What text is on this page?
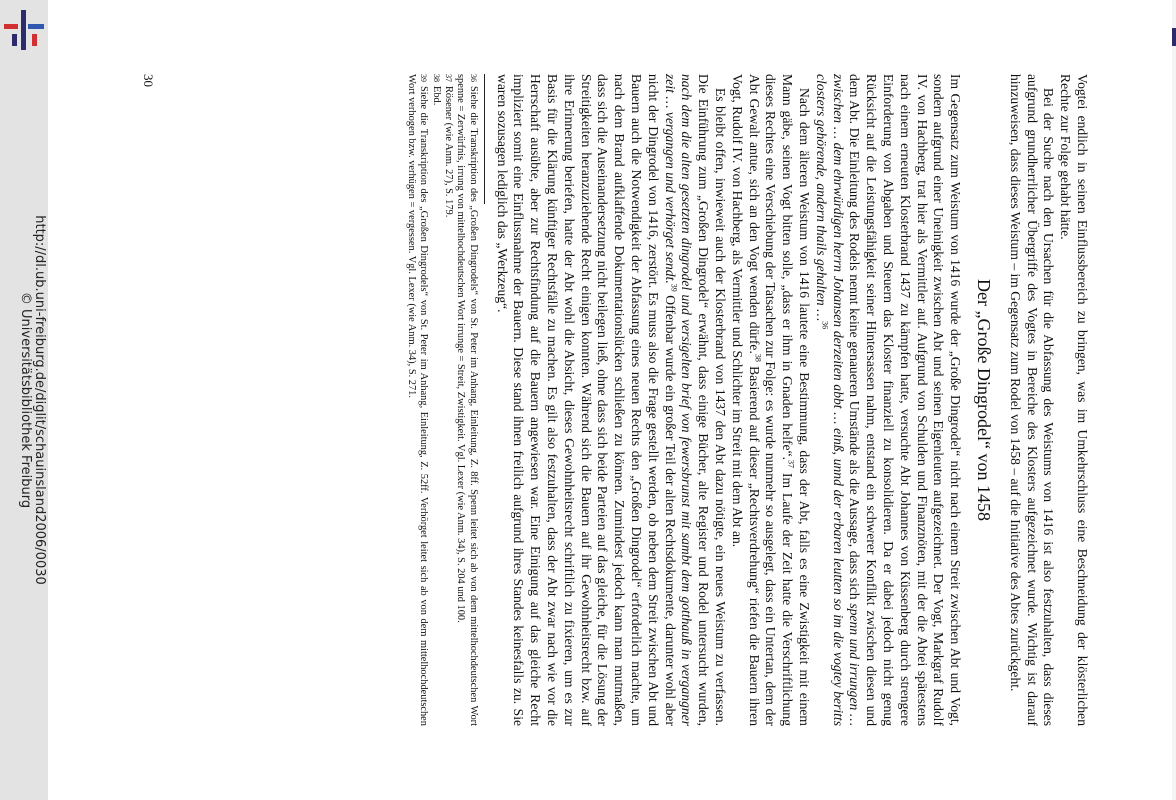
http://dl.ub.uni-freiburg.de/diglit/schauinsland2006/0030
© Universitätsbibliothek Freiburg	Vogtei endlich in seinen Einflussbereich zu bringen, was im Umkehrschluss eine Beschneidung der klösterlichen Rechte zur Folge gehabt hätte.

Bei der Suche nach den Ursachen für die Abfassung des Weistums von 1416 ist also festzuhalten, dass dieses aufgrund grundherrlicher Übergriffe des Vogtes in Bereiche des Klosters aufgezeichnet wurde. Wichtig ist darauf hinzuweisen, dass dieses Weistum – im Gegensatz zum Rodel von 1458 – auf die Initiative des Abtes zurückgeht.

Der „Große Dingrodel“ von 1458

Im Gegensatz zum Weistum von 1416 wurde der „Große Dingrodel“ nicht nach einem Streit zwischen Abt und Vogt, sondern aufgrund einer Uneinigkeit zwischen Abt und seinen Eigenleuten aufgezeichnet. Der Vogt, Markgraf Rudolf IV. von Hachberg, trat hier als Vermittler auf. Aufgrund von Schulden und Finanznöten, mit der die Abtei spätestens nach einem erneuten Klosterbrand 1437 zu kämpfen hatte, versuchte Abt Johannes von Küssenberg durch strengere Einforderung von Abgaben und Steuern das Kloster finanziell zu konsolidieren. Da er dabei jedoch nicht genug Rücksicht auf die Leistungsfähigkeit seiner Hintersassen nahm, entstand ein schwerer Konflikt zwischen diesen und dem Abt. Die Einleitung des Rodels nennt keine genaueren Umstände als die Aussage, dass sich spenn und irrungen … zwischen … dem ehrwürdigen herrn Johansen derzeiten abbt … einß, unnd der erbaren leutten so im die vogtey beritts closters gehörende, andern thails gehalten …$^{36}$

Nach dem älteren Weistum von 1416 lautete eine Bestimmung, dass der Abt, falls es eine Zwistigkeit mit einem Mann gäbe, seinen Vogt bitten solle, „dass er ihm in Gnaden helfe“.$^{37}$ Im Laufe der Zeit hatte die Verschriftlichung dieses Rechtes eine Verschiebung der Tatsachen zur Folge: es wurde nunmehr so ausgelegt, dass ein Untertan, dem der Abt Gewalt antue, sich an den Vogt wenden dürfe.$^{38}$ Basierend auf dieser „Rechtsverdrehung“ riefen die Bauern ihren Vogt, Rudolf IV. von Hachberg, als Vermittler und Schlichter im Streit mit dem Abt an.

Es bleibt offen, inwieweit auch der Klosterbrand von 1437 den Abt dazu nötigte, ein neues Weistum zu verfassen. Die Einführung zum „Großen Dingrodel“ erwähnt, dass einige Bücher, alte Register und Rodel untersucht wurden, nach dem die alten gesetzten dingrodel und versigelten brief von fewersbrunst mit sambt dem gotthauß in vergangner zeit … vergangen und verhörget sendt.$^{39}$ Offenbar wurde ein großer Teil der alten Rechtsdokumente, darunter wohl aber nicht der Dingrodel von 1416, zerstört. Es muss also die Frage gestellt werden, ob neben dem Streit zwischen Abt und Bauern auch die Notwendigkeit der Abfassung eines neuen Rechts den „Großen Dingrodel“ erforderlich machte, um nach dem Brand aufklaffende Dokumentationslücken schließen zu können. Zumindest jedoch kann man mutmaßen, dass sich die Auseinandersetzung nicht beilegen ließ, ohne dass sich beide Parteien auf das gleiche, für die Lösung der Streitigkeiten heranzuziehende Recht einigen konnten. Während sich die Bauern auf ihr Gewohnheitsrecht bzw. auf ihre Erinnerung beriefen, hatte der Abt wohl die Absicht, dieses Gewohnheitsrecht schriftlich zu fixieren, um es zur Basis für die Klärung künftiger Rechtsfälle zu machen. Es gilt also festzuhalten, dass der Abt zwar nach wie vor die Herrschaft ausübte, aber zur Rechtsfindung auf die Bauern angewiesen war. Eine Einigung auf das gleiche Recht impliziert somit eine Einflussnahme der Bauern. Diese stand ihnen freilich aufgrund ihres Standes keinesfalls zu. Sie waren sozusagen lediglich das „Werkzeug“.

36Siehe die Transkription des „Großen Dingrodels“ von St. Peter im Anhang, Einleitung, Z. 8ff. Spenn leitet sich ab von dem mittelhochdeutschen Wort spenne = Zerwürfnis, irrung von mittelhochdeutschen Wort irrunge = Streit, Zwistigkeit. Vgl. Lexer (wie Anm. 34), S. 204 und 100.

37Rösener (wie Anm. 27), S. 179.

38Ebd.

39Siehe die Transkription des „Großen Dingrodels“ von St. Peter im Anhang, Einleitung, Z. 52ff. Verhörget leitet sich ab von dem mittelhochdeutschen Wort verhogen bzw. verhügen = vergessen. Vgl. Lexer (wie Anm. 34), S. 271.

30
